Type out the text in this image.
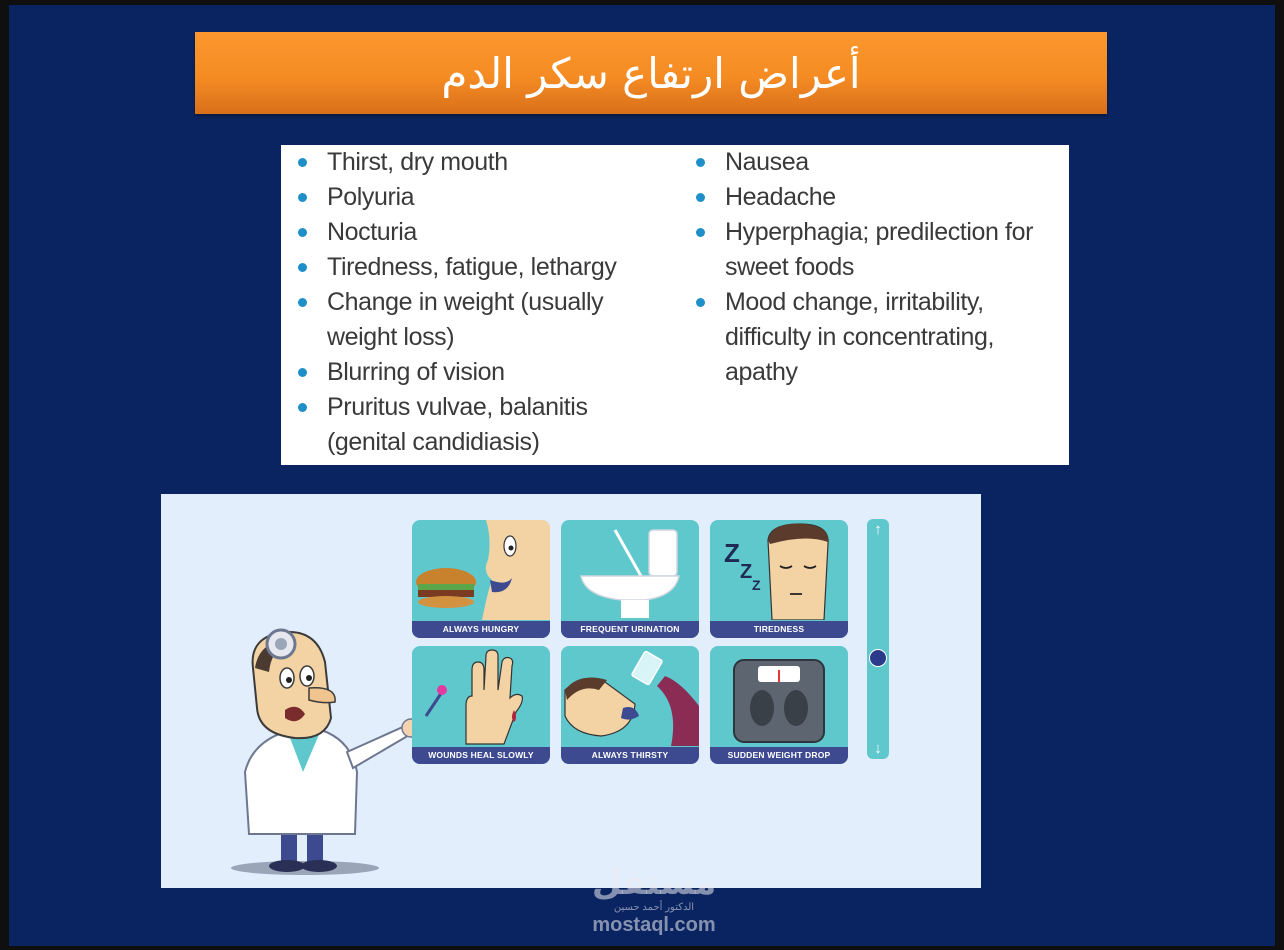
أعراض ارتفاع سكر الدم
Thirst, dry mouth
Polyuria
Nocturia
Tiredness, fatigue, lethargy
Change in weight (usually weight loss)
Blurring of vision
Pruritus vulvae, balanitis (genital candidiasis)
Nausea
Headache
Hyperphagia; predilection for sweet foods
Mood change, irritability, difficulty in concentrating, apathy
ALWAYS HUNGRY	FREQUENT URINATION
Z
Z
Z
TIREDNESS
WOUNDS HEAL SLOWLY	ALWAYS THIRSTY	SUDDEN WEIGHT DROP
↑
↓
مستقل
الدكتور أحمد حسين
mostaql.com
